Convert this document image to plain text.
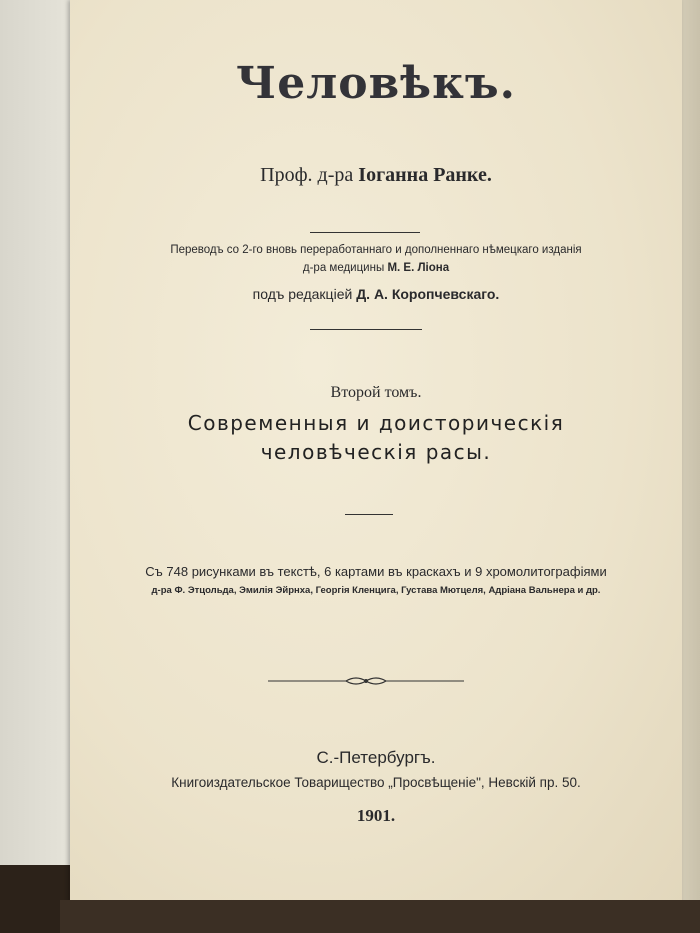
Человѣкъ.
Проф. д-ра Іоганна Ранке.
Переводъ со 2-го вновь переработаннаго и дополненнаго нѣмецкаго изданія
д-ра медицины М. Е. Ліона
подъ редакціей Д. А. Коропчевскаго.
Второй томъ.
Современныя и доисторическія
человѣческія расы.
Съ 748 рисунками въ текстѣ, 6 картами въ краскахъ и 9 хромолитографіями
д-ра Ф. Этцольда, Эмилія Эйрнха, Георгія Кленцига, Густава Мютцеля, Адріана Вальнера и др.
С.-Петербургъ.
Книгоиздательское Товарищество „Просвѣщеніе", Невскій пр. 50.
1901.
